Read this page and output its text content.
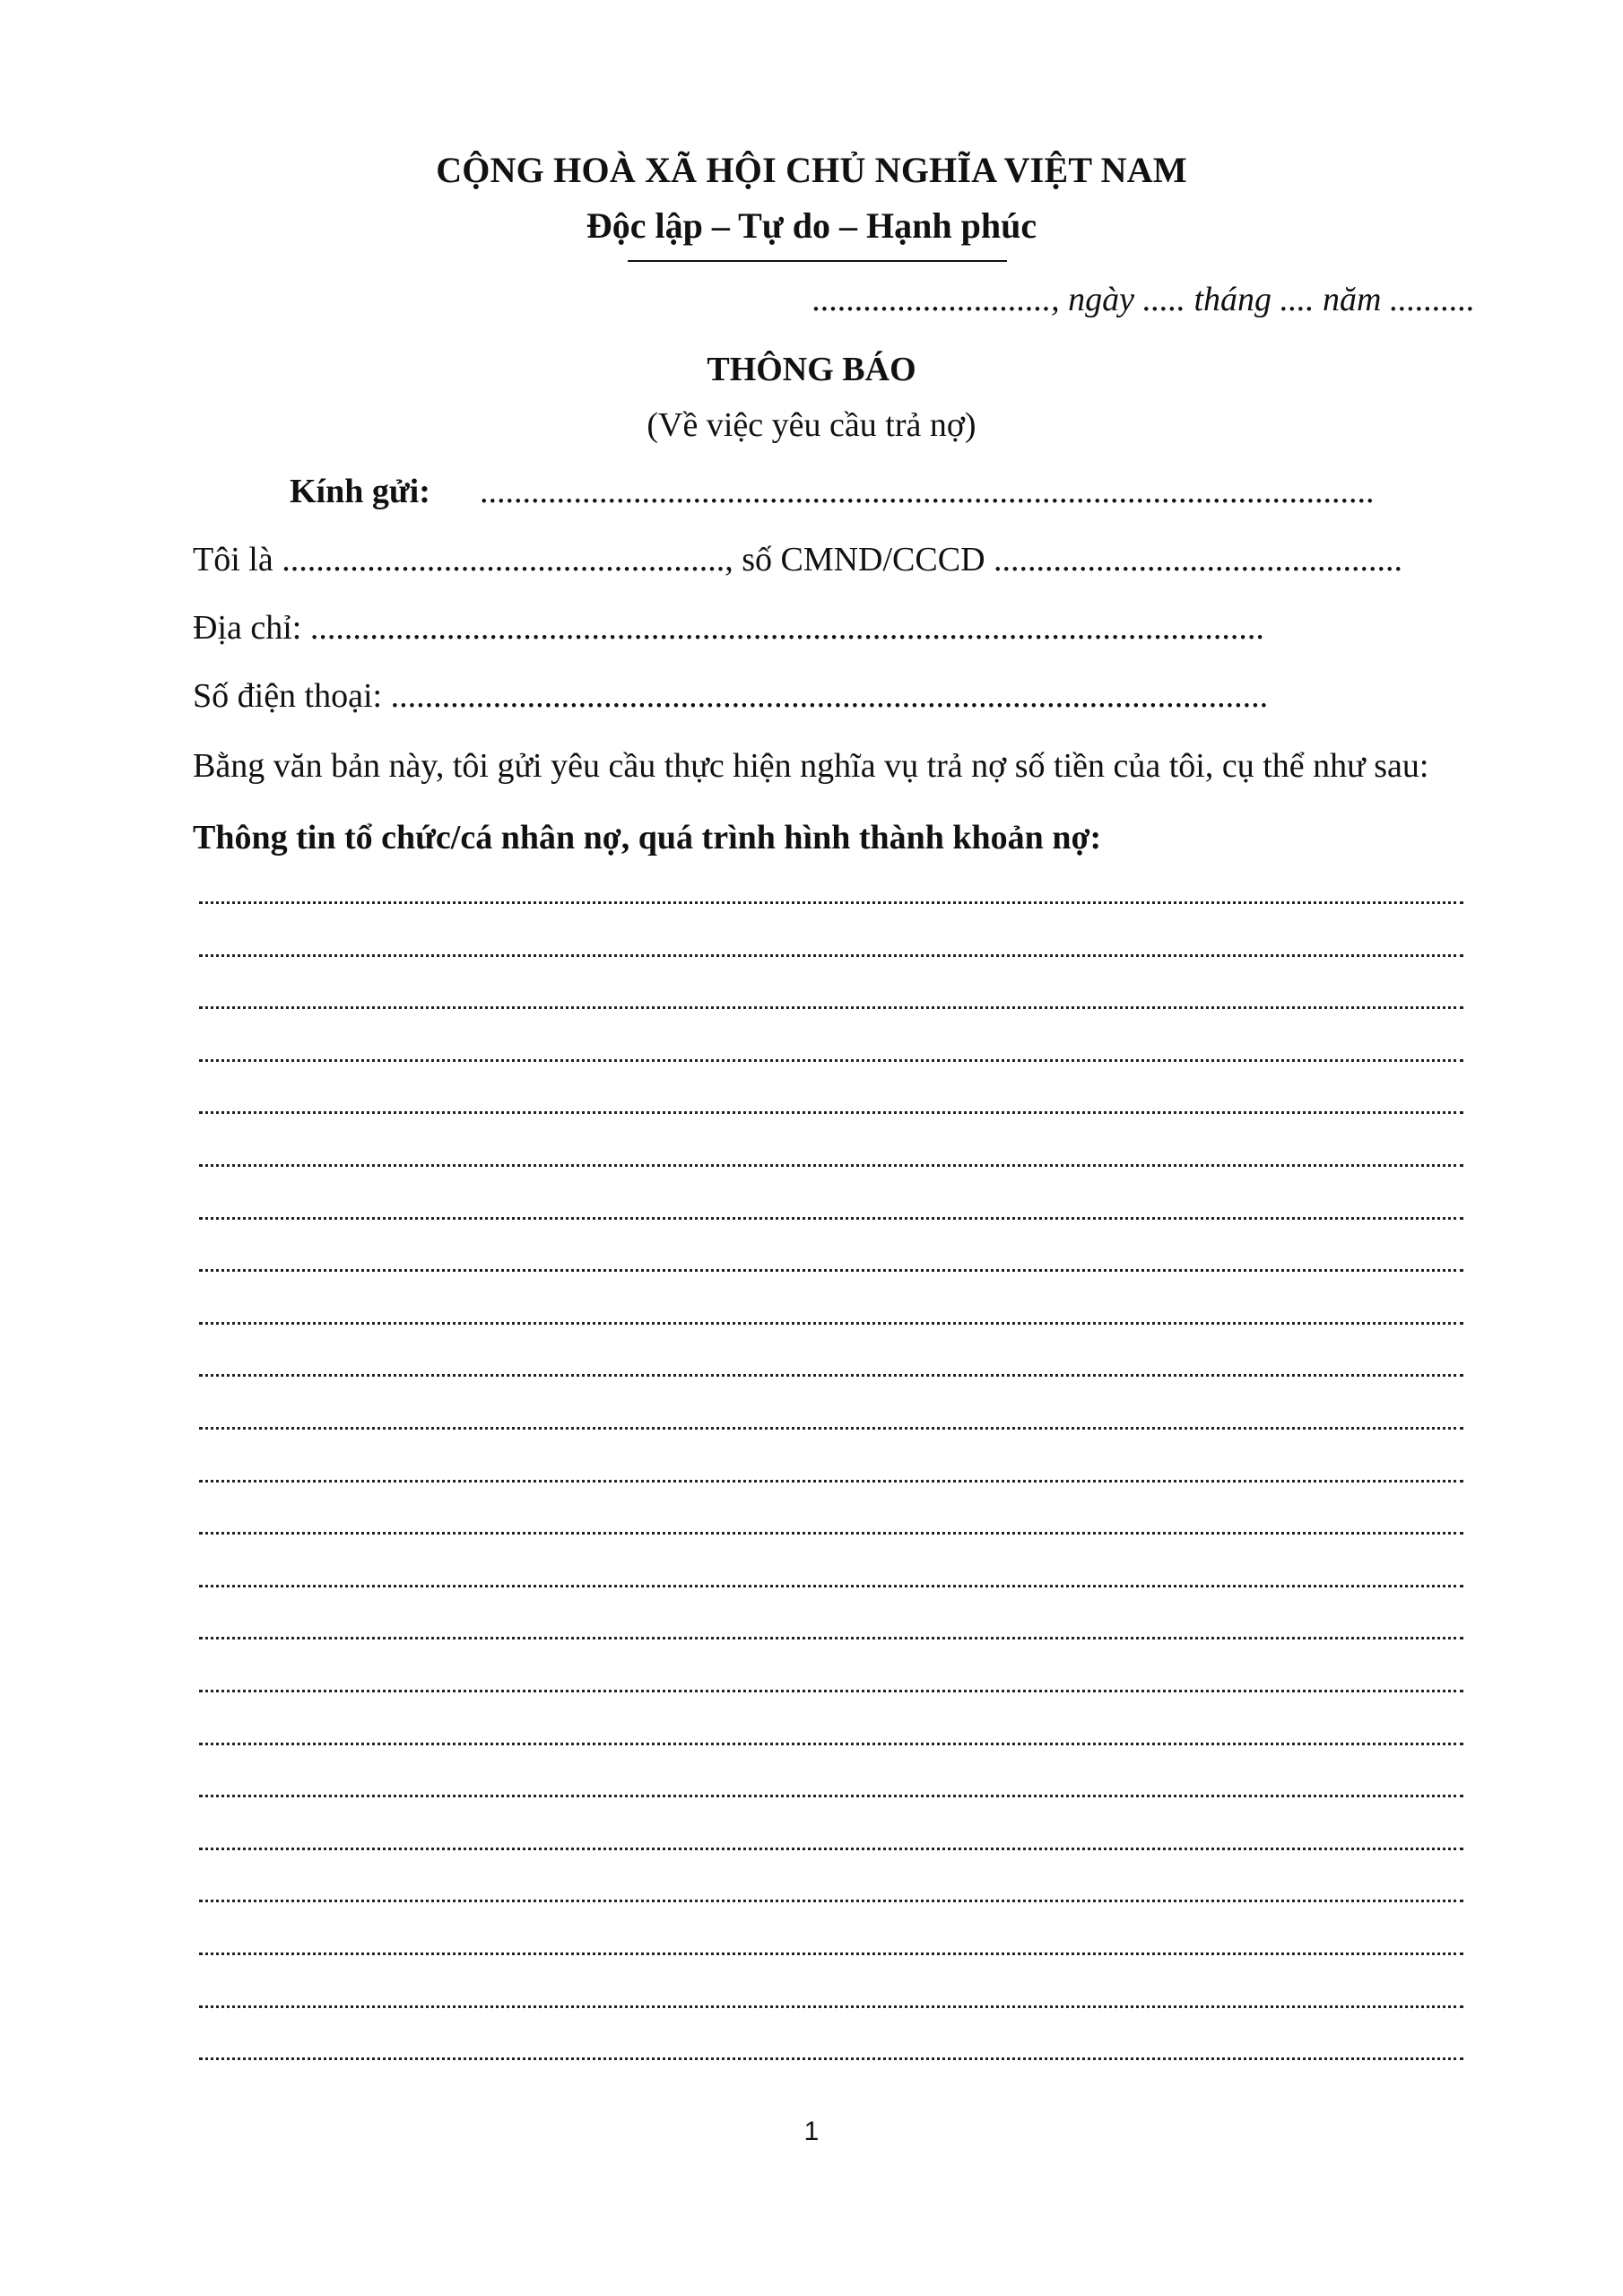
CỘNG HOÀ XÃ HỘI CHỦ NGHĨA VIỆT NAM
Độc lập – Tự do – Hạnh phúc
............................, ngày ..... tháng .... năm ..........
THÔNG BÁO
(Về việc yêu cầu trả nợ)
Kính gửi: .........................................................................................................
Tôi là ...................................................., số CMND/CCCD ................................................
Địa chỉ: ................................................................................................................
Số điện thoại: .......................................................................................................
Bằng văn bản này, tôi gửi yêu cầu thực hiện nghĩa vụ trả nợ số tiền của tôi, cụ thể như sau:
Thông tin tổ chức/cá nhân nợ, quá trình hình thành khoản nợ:
1
